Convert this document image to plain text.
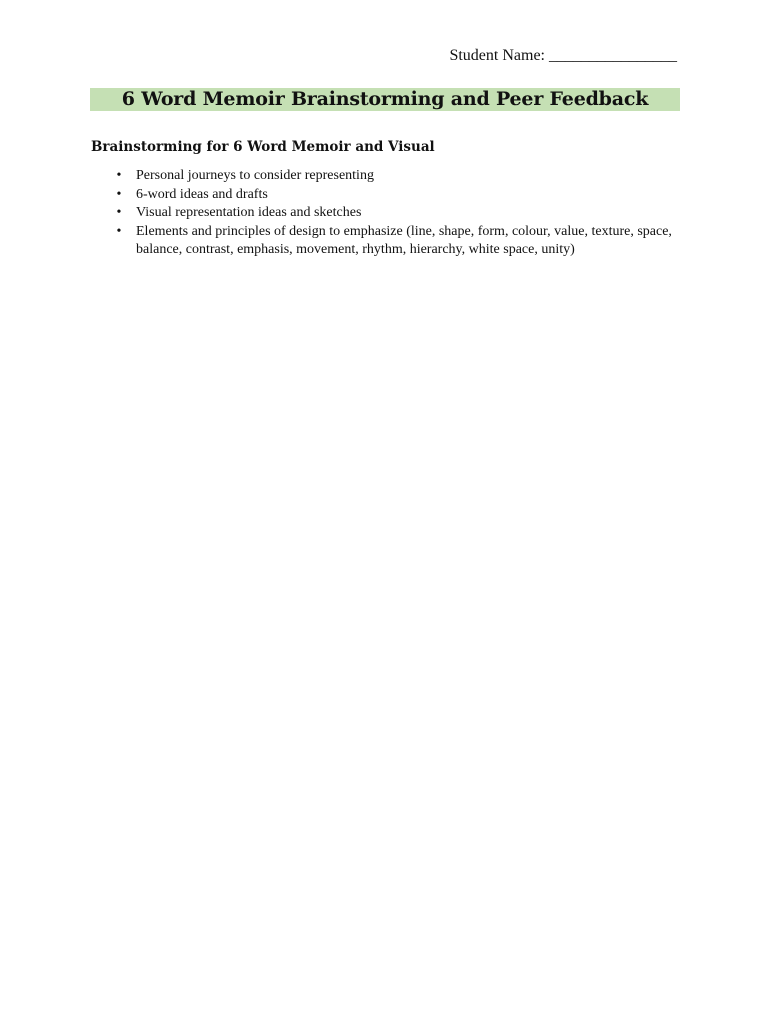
Student Name: ________________
6 Word Memoir Brainstorming and Peer Feedback
Brainstorming for 6 Word Memoir and Visual
• Personal journeys to consider representing
• 6-word ideas and drafts
• Visual representation ideas and sketches
• Elements and principles of design to emphasize (line, shape, form, colour, value, texture, space, balance, contrast, emphasis, movement, rhythm, hierarchy, white space, unity)
